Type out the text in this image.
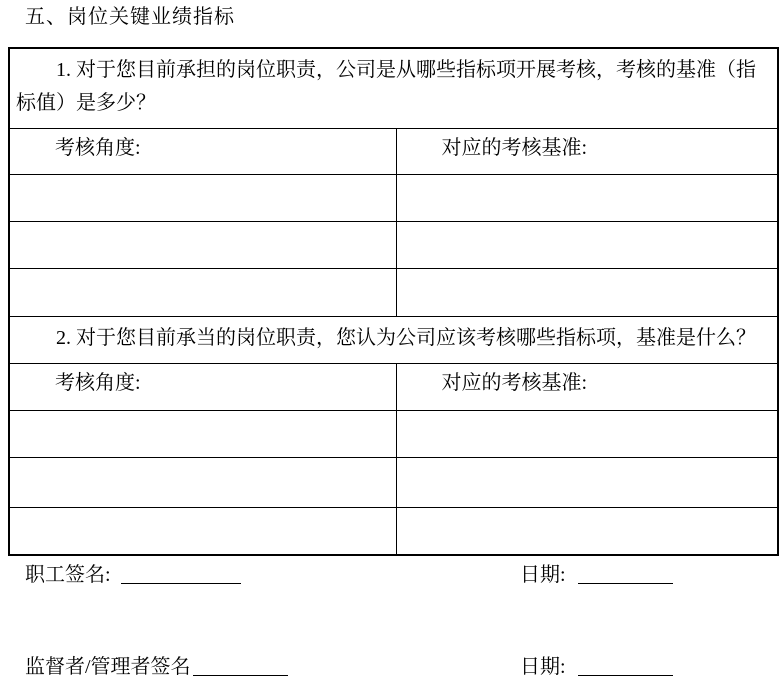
五、岗位关键业绩指标

1. 对于您目前承担的岗位职责，公司是从哪些指标项开展考核，考核的基准（指标值）是多少？	

考核角度:	对应的考核基准:

2. 对于您目前承当的岗位职责，您认为公司应该考核哪些指标项，基准是什么？	

考核角度:	对应的考核基准:

职工签名:	日期:
监督者/管理者签名	日期:
